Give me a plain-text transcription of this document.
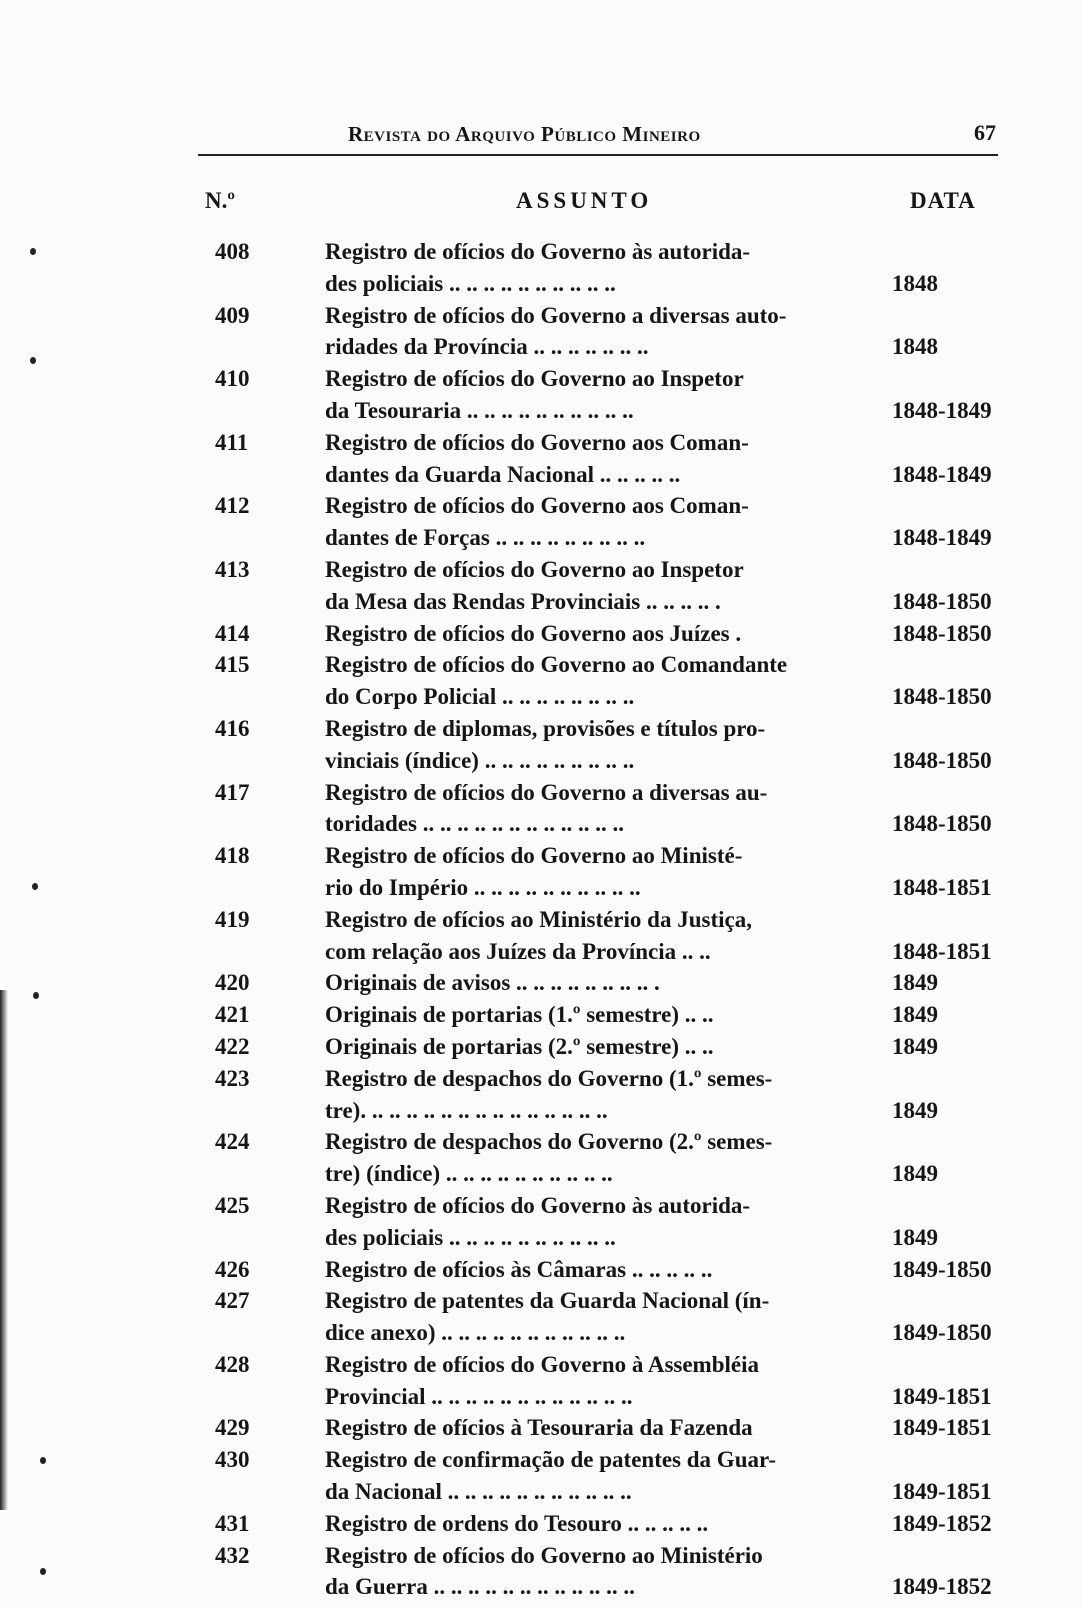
Revista do Arquivo Público Mineiro	67
N.º	ASSUNTO	DATA
408	Registro de ofícios do Governo às autorida-
des policiais .. .. .. .. .. .. .. .. .. ..	1848
409	Registro de ofícios do Governo a diversas auto-
ridades da Província .. .. .. .. .. .. ..	1848
410	Registro de ofícios do Governo ao Inspetor
da Tesouraria .. .. .. .. .. .. .. .. .. ..	1848-1849
411	Registro de ofícios do Governo aos Coman-
dantes da Guarda Nacional .. .. .. .. ..	1848-1849
412	Registro de ofícios do Governo aos Coman-
dantes de Forças .. .. .. .. .. .. .. .. ..	1848-1849
413	Registro de ofícios do Governo ao Inspetor
da Mesa das Rendas Provinciais .. .. .. .. .	1848-1850
414	Registro de ofícios do Governo aos Juízes .	1848-1850
415	Registro de ofícios do Governo ao Comandante
do Corpo Policial .. .. .. .. .. .. .. ..	1848-1850
416	Registro de diplomas, provisões e títulos pro-
vinciais (índice) .. .. .. .. .. .. .. .. ..	1848-1850
417	Registro de ofícios do Governo a diversas au-
toridades .. .. .. .. .. .. .. .. .. .. .. ..	1848-1850
418	Registro de ofícios do Governo ao Ministé-
rio do Império .. .. .. .. .. .. .. .. .. ..	1848-1851
419	Registro de ofícios ao Ministério da Justiça,
com relação aos Juízes da Província .. ..	1848-1851
420	Originais de avisos .. .. .. .. .. .. .. .. .	1849
421	Originais de portarias (1.º semestre) .. ..	1849
422	Originais de portarias (2.º semestre) .. ..	1849
423	Registro de despachos do Governo (1.º semes-
tre). .. .. .. .. .. .. .. .. .. .. .. .. .. ..	1849
424	Registro de despachos do Governo (2.º semes-
tre) (índice) .. .. .. .. .. .. .. .. .. ..	1849
425	Registro de ofícios do Governo às autorida-
des policiais .. .. .. .. .. .. .. .. .. ..	1849
426	Registro de ofícios às Câmaras .. .. .. .. ..	1849-1850
427	Registro de patentes da Guarda Nacional (ín-
dice anexo) .. .. .. .. .. .. .. .. .. .. ..	1849-1850
428	Registro de ofícios do Governo à Assembléia
Provincial .. .. .. .. .. .. .. .. .. .. .. ..	1849-1851
429	Registro de ofícios à Tesouraria da Fazenda	1849-1851
430	Registro de confirmação de patentes da Guar-
da Nacional .. .. .. .. .. .. .. .. .. .. ..	1849-1851
431	Registro de ordens do Tesouro .. .. .. .. ..	1849-1852
432	Registro de ofícios do Governo ao Ministério
da Guerra .. .. .. .. .. .. .. .. .. .. .. ..	1849-1852
